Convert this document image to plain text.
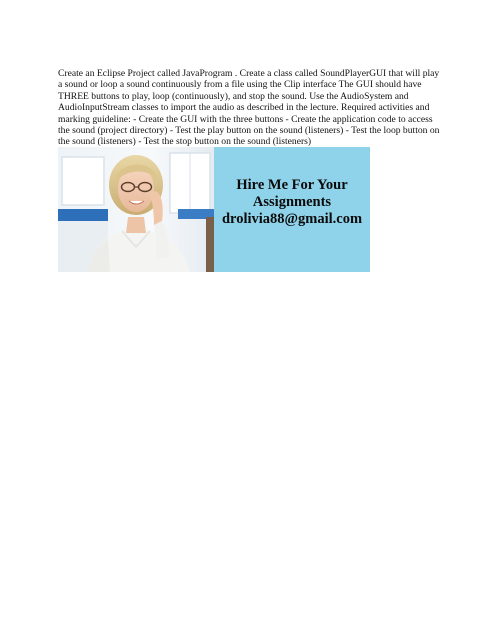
Create an Eclipse Project called JavaProgram . Create a class called SoundPlayerGUI that will play a sound or loop a sound continuously from a file using the Clip interface The GUI should have THREE buttons to play, loop (continuously), and stop the sound. Use the AudioSystem and AudioInputStream classes to import the audio as described in the lecture. Required activities and marking guideline: - Create the GUI with the three buttons - Create the application code to access the sound (project directory) - Test the play button on the sound (listeners) - Test the loop button on the sound (listeners) - Test the stop button on the sound (listeners)

Hire Me For Your
Assignments
drolivia88@gmail.com
